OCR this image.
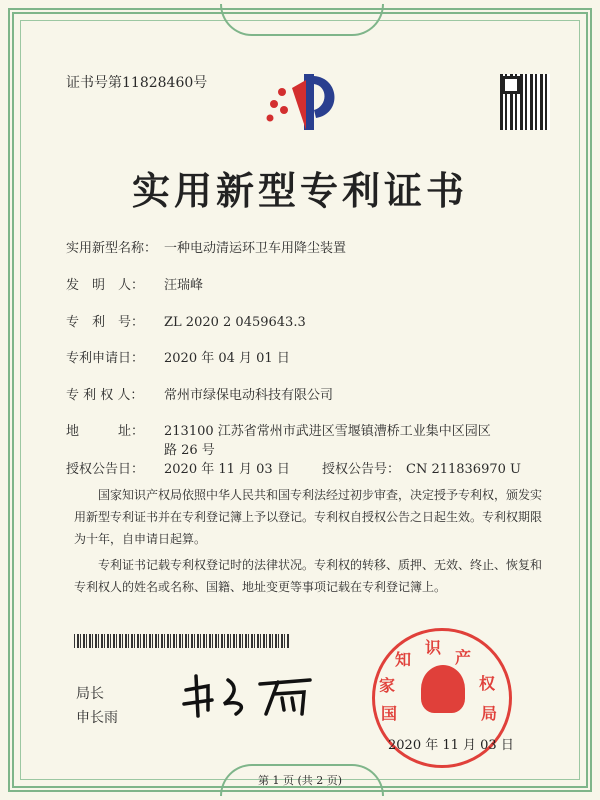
证书号第11828460号
实用新型专利证书
实用新型名称： 一种电动清运环卫车用降尘装置
发　明　人： 汪瑞峰
专　利　号： ZL 2020 2 0459643.3
专利申请日： 2020 年 04 月 01 日
专 利 权 人： 常州市绿保电动科技有限公司
地　　　址： 213100 江苏省常州市武进区雪堰镇漕桥工业集中区园区
路 26 号
授权公告日： 2020 年 11 月 03 日 授权公告号： CN 211836970 U
国家知识产权局依照中华人民共和国专利法经过初步审查，决定授予专利权，颁发实用新型专利证书并在专利登记簿上予以登记。专利权自授权公告之日起生效。专利权期限为十年，自申请日起算。
专利证书记载专利权登记时的法律状况。专利权的转移、质押、无效、终止、恢复和专利权人的姓名或名称、国籍、地址变更等事项记载在专利登记簿上。
局长
申长雨	国
家
知
识
产
权
局
2020 年 11 月 03 日
第 1 页 (共 2 页)
